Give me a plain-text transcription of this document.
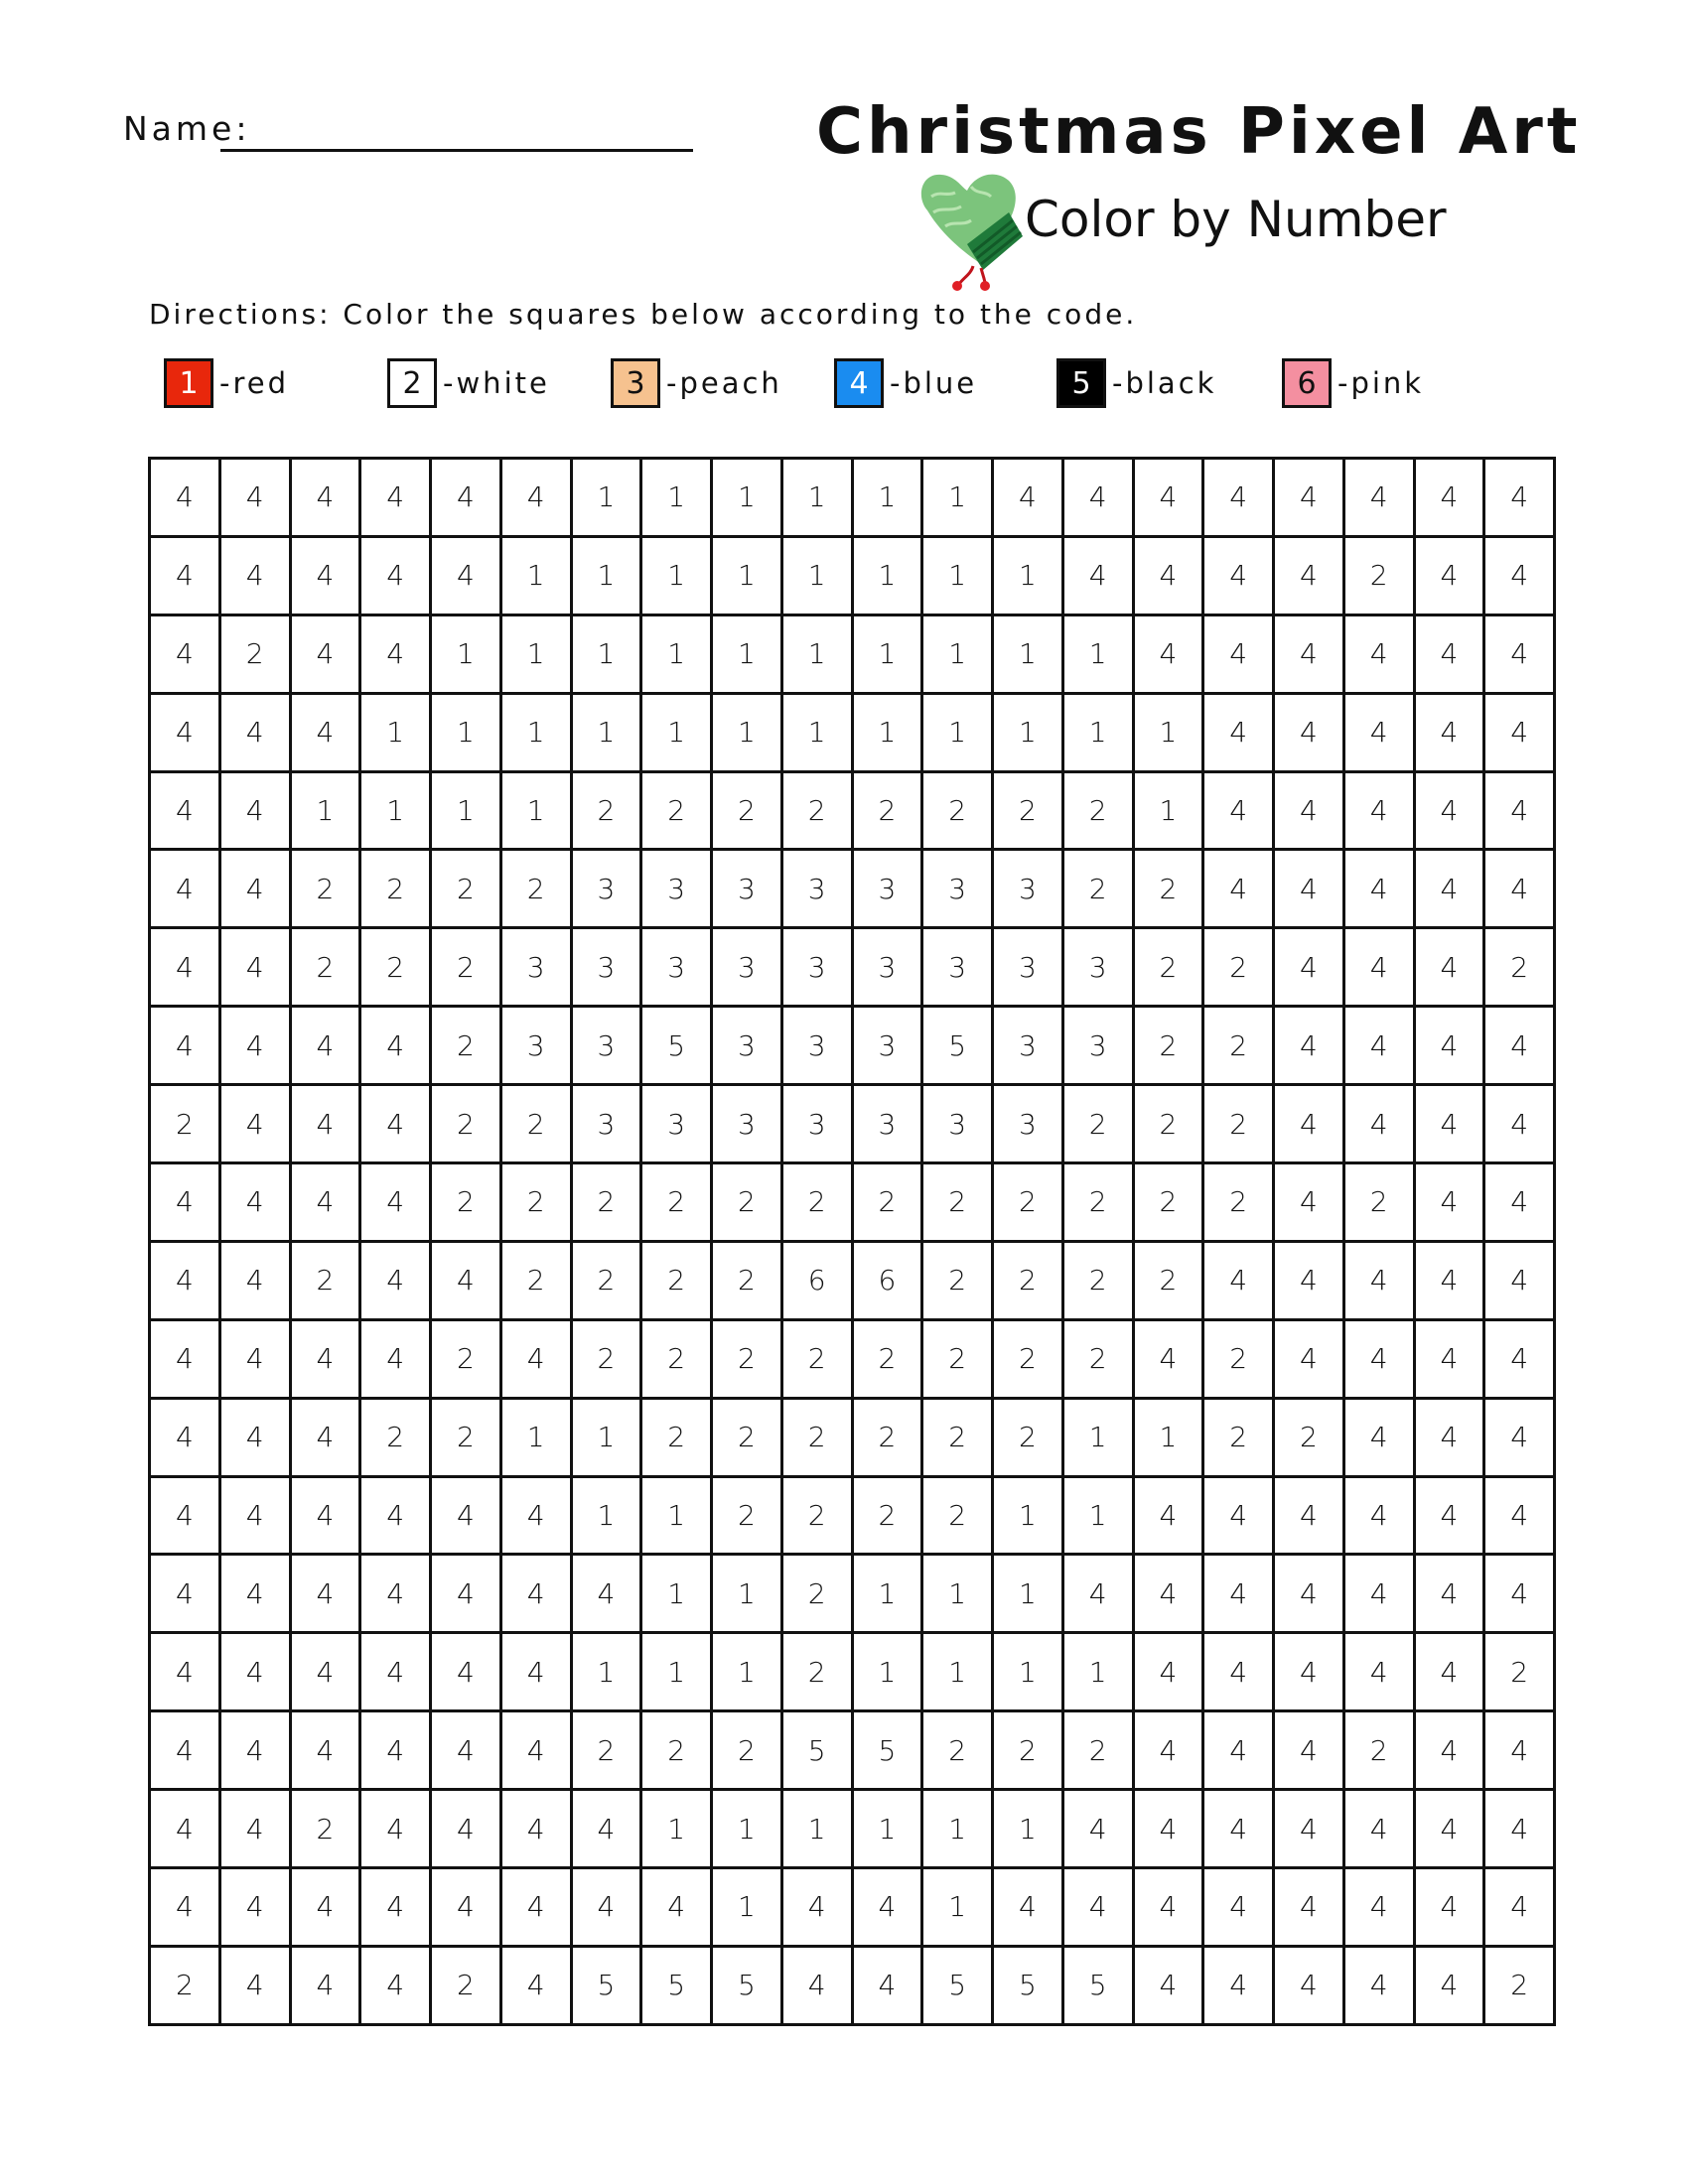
Name:	Christmas Pixel Art
Color by Number
Directions: Color the squares below according to the code.
1 -red	2 -white	3 -peach	4 -blue	5 -black	6 -pink
4	4	4	4	4	4	1	1	1	1	1	1	4	4	4	4	4	4	4	4
4	4	4	4	4	1	1	1	1	1	1	1	1	4	4	4	4	2	4	4
4	2	4	4	1	1	1	1	1	1	1	1	1	1	4	4	4	4	4	4
4	4	4	1	1	1	1	1	1	1	1	1	1	1	1	4	4	4	4	4
4	4	1	1	1	1	2	2	2	2	2	2	2	2	1	4	4	4	4	4
4	4	2	2	2	2	3	3	3	3	3	3	3	2	2	4	4	4	4	4
4	4	2	2	2	3	3	3	3	3	3	3	3	3	2	2	4	4	4	2
4	4	4	4	2	3	3	5	3	3	3	5	3	3	2	2	4	4	4	4
2	4	4	4	2	2	3	3	3	3	3	3	3	2	2	2	4	4	4	4
4	4	4	4	2	2	2	2	2	2	2	2	2	2	2	2	4	2	4	4
4	4	2	4	4	2	2	2	2	6	6	2	2	2	2	4	4	4	4	4
4	4	4	4	2	4	2	2	2	2	2	2	2	2	4	2	4	4	4	4
4	4	4	2	2	1	1	2	2	2	2	2	2	1	1	2	2	4	4	4
4	4	4	4	4	4	1	1	2	2	2	2	1	1	4	4	4	4	4	4
4	4	4	4	4	4	4	1	1	2	1	1	1	4	4	4	4	4	4	4
4	4	4	4	4	4	1	1	1	2	1	1	1	1	4	4	4	4	4	2
4	4	4	4	4	4	2	2	2	5	5	2	2	2	4	4	4	2	4	4
4	4	2	4	4	4	4	1	1	1	1	1	1	4	4	4	4	4	4	4
4	4	4	4	4	4	4	4	1	4	4	1	4	4	4	4	4	4	4	4
2	4	4	4	2	4	5	5	5	4	4	5	5	5	4	4	4	4	4	2
